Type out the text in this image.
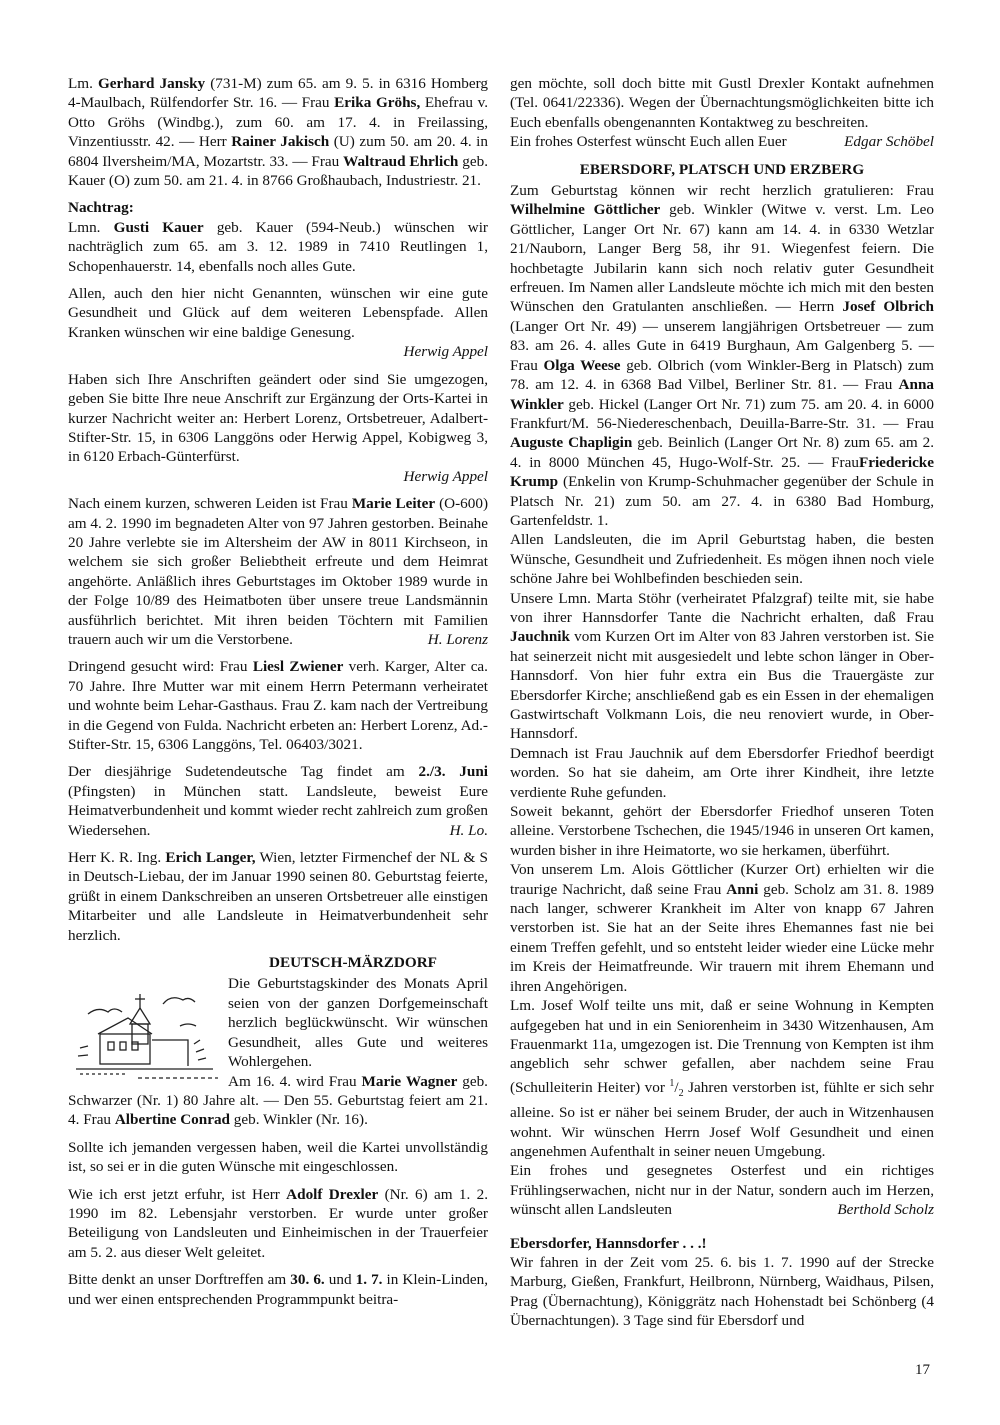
Lm. Gerhard Jansky (731-M) zum 65. am 9. 5. in 6316 Homberg 4-Maulbach, Rülfendorfer Str. 16. — Frau Erika Gröhs, Ehefrau v. Otto Gröhs (Windbg.), zum 60. am 17. 4. in Freilassing, Vinzentiusstr. 42. — Herr Rainer Jakisch (U) zum 50. am 20. 4. in 6804 Ilversheim/MA, Mozartstr. 33. — Frau Waltraud Ehrlich geb. Kauer (O) zum 50. am 21. 4. in 8766 Großhaubach, Industriestr. 21.

Nachtrag:

Lmn. Gusti Kauer geb. Kauer (594-Neub.) wünschen wir nachträglich zum 65. am 3. 12. 1989 in 7410 Reutlingen 1, Schopenhauerstr. 14, ebenfalls noch alles Gute.

Allen, auch den hier nicht Genannten, wünschen wir eine gute Gesundheit und Glück auf dem weiteren Lebenspfade. Allen Kranken wünschen wir eine baldige Genesung.

Herwig Appel

Haben sich Ihre Anschriften geändert oder sind Sie umgezogen, geben Sie bitte Ihre neue Anschrift zur Ergänzung der Orts-Kartei in kurzer Nachricht weiter an: Herbert Lorenz, Ortsbetreuer, Adalbert-Stifter-Str. 15, in 6306 Langgöns oder Herwig Appel, Kobigweg 3, in 6120 Erbach-Günterfürst.

Herwig Appel

Nach einem kurzen, schweren Leiden ist Frau Marie Leiter (O-600) am 4. 2. 1990 im begnadeten Alter von 97 Jahren gestorben. Beinahe 20 Jahre verlebte sie im Altersheim der AW in 8011 Kirchseon, in welchem sie sich großer Beliebtheit erfreute und dem Heimrat angehörte. Anläßlich ihres Geburtstages im Oktober 1989 wurde in der Folge 10/89 des Heimatboten über unsere treue Landsmännin ausführlich berichtet. Mit ihren beiden Töchtern mit Familien trauern auch wir um die Verstorbene.	H. Lorenz

Dringend gesucht wird: Frau Liesl Zwiener verh. Karger, Alter ca. 70 Jahre. Ihre Mutter war mit einem Herrn Petermann verheiratet und wohnte beim Lehar-Gasthaus. Frau Z. kam nach der Vertreibung in die Gegend von Fulda. Nachricht erbeten an: Herbert Lorenz, Ad.-Stifter-Str. 15, 6306 Langgöns, Tel. 06403/3021.

Der diesjährige Sudetendeutsche Tag findet am 2./3. Juni (Pfingsten) in München statt. Landsleute, beweist Eure Heimatverbundenheit und kommt wieder recht zahlreich zum großen Wiedersehen.	H. Lo.

Herr K. R. Ing. Erich Langer, Wien, letzter Firmenchef der NL & S in Deutsch-Liebau, der im Januar 1990 seinen 80. Geburtstag feierte, grüßt in einem Dankschreiben an unseren Ortsbetreuer alle einstigen Mitarbeiter und alle Landsleute in Heimatverbundenheit sehr herzlich.

DEUTSCH-MÄRZDORF

Die Geburtstagskinder des Monats April seien von der ganzen Dorfgemeinschaft herzlich beglückwünscht. Wir wünschen Gesundheit, alles Gute und weiteres Wohlergehen.

Am 16. 4. wird Frau Marie Wagner geb. Schwarzer (Nr. 1) 80 Jahre alt. — Den 55. Geburtstag feiert am 21. 4. Frau Albertine Conrad geb. Winkler (Nr. 16).

Sollte ich jemanden vergessen haben, weil die Kartei unvollständig ist, so sei er in die guten Wünsche mit eingeschlossen.

Wie ich erst jetzt erfuhr, ist Herr Adolf Drexler (Nr. 6) am 1. 2. 1990 im 82. Lebensjahr verstorben. Er wurde unter großer Beteiligung von Landsleuten und Einheimischen in der Trauerfeier am 5. 2. aus dieser Welt geleitet.

Bitte denkt an unser Dorftreffen am 30. 6. und 1. 7. in Klein-Linden, und wer einen entsprechenden Programmpunkt beitra-

gen möchte, soll doch bitte mit Gustl Drexler Kontakt aufnehmen (Tel. 0641/22336). Wegen der Übernachtungsmöglichkeiten bitte ich Euch ebenfalls obengenannten Kontaktweg zu beschreiten.

Ein frohes Osterfest wünscht Euch allen Euer	Edgar Schöbel

EBERSDORF, PLATSCH UND ERZBERG

Zum Geburtstag können wir recht herzlich gratulieren: Frau Wilhelmine Göttlicher geb. Winkler (Witwe v. verst. Lm. Leo Göttlicher, Langer Ort Nr. 67) kann am 14. 4. in 6330 Wetzlar 21/Nauborn, Langer Berg 58, ihr 91. Wiegenfest feiern. Die hochbetagte Jubilarin kann sich noch relativ guter Gesundheit erfreuen. Im Namen aller Landsleute möchte ich mich mit den besten Wünschen den Gratulanten anschließen. — Herrn Josef Olbrich (Langer Ort Nr. 49) — unserem langjährigen Ortsbetreuer — zum 83. am 26. 4. alles Gute in 6419 Burghaun, Am Galgenberg 5. — Frau Olga Weese geb. Olbrich (vom Winkler-Berg in Platsch) zum 78. am 12. 4. in 6368 Bad Vilbel, Berliner Str. 81. — Frau Anna Winkler geb. Hickel (Langer Ort Nr. 71) zum 75. am 20. 4. in 6000 Frankfurt/M. 56-Niedereschenbach, Deuilla-Barre-Str. 31. — Frau Auguste Chapligin geb. Beinlich (Langer Ort Nr. 8) zum 65. am 2. 4. in 8000 München 45, Hugo-Wolf-Str. 25. — FrauFriedericke Krump (Enkelin von Krump-Schuhmacher gegenüber der Schule in Platsch Nr. 21) zum 50. am 27. 4. in 6380 Bad Homburg, Gartenfeldstr. 1.

Allen Landsleuten, die im April Geburtstag haben, die besten Wünsche, Gesundheit und Zufriedenheit. Es mögen ihnen noch viele schöne Jahre bei Wohlbefinden beschieden sein.

Unsere Lmn. Marta Stöhr (verheiratet Pfalzgraf) teilte mit, sie habe von ihrer Hannsdorfer Tante die Nachricht erhalten, daß Frau Jauchnik vom Kurzen Ort im Alter von 83 Jahren verstorben ist. Sie hat seinerzeit nicht mit ausgesiedelt und lebte schon länger in Ober-Hannsdorf. Von hier fuhr extra ein Bus die Trauergäste zur Ebersdorfer Kirche; anschließend gab es ein Essen in der ehemaligen Gastwirtschaft Volkmann Lois, die neu renoviert wurde, in Ober-Hannsdorf.

Demnach ist Frau Jauchnik auf dem Ebersdorfer Friedhof beerdigt worden. So hat sie daheim, am Orte ihrer Kindheit, ihre letzte verdiente Ruhe gefunden.

Soweit bekannt, gehört der Ebersdorfer Friedhof unseren Toten alleine. Verstorbene Tschechen, die 1945/1946 in unseren Ort kamen, wurden bisher in ihre Heimatorte, wo sie herkamen, überführt.

Von unserem Lm. Alois Göttlicher (Kurzer Ort) erhielten wir die traurige Nachricht, daß seine Frau Anni geb. Scholz am 31. 8. 1989 nach langer, schwerer Krankheit im Alter von knapp 67 Jahren verstorben ist. Sie hat an der Seite ihres Ehemannes fast nie bei einem Treffen gefehlt, und so entsteht leider wieder eine Lücke mehr im Kreis der Heimatfreunde. Wir trauern mit ihrem Ehemann und ihren Angehörigen.

Lm. Josef Wolf teilte uns mit, daß er seine Wohnung in Kempten aufgegeben hat und in ein Seniorenheim in 3430 Witzenhausen, Am Frauenmarkt 11a, umgezogen ist. Die Trennung von Kempten ist ihm angeblich sehr schwer gefallen, aber nachdem seine Frau (Schulleiterin Heiter) vor $^1/_2$ Jahren verstorben ist, fühlte er sich sehr alleine. So ist er näher bei seinem Bruder, der auch in Witzenhausen wohnt. Wir wünschen Herrn Josef Wolf Gesundheit und einen angenehmen Aufenthalt in seiner neuen Umgebung.

Ein frohes und gesegnetes Osterfest und ein richtiges Frühlingserwachen, nicht nur in der Natur, sondern auch im Herzen, wünscht allen Landsleuten	Berthold Scholz

Ebersdorfer, Hannsdorfer . . .!

Wir fahren in der Zeit vom 25. 6. bis 1. 7. 1990 auf der Strecke Marburg, Gießen, Frankfurt, Heilbronn, Nürnberg, Waidhaus, Pilsen, Prag (Übernachtung), Königgrätz nach Hohenstadt bei Schönberg (4 Übernachtungen). 3 Tage sind für Ebersdorf und

17
